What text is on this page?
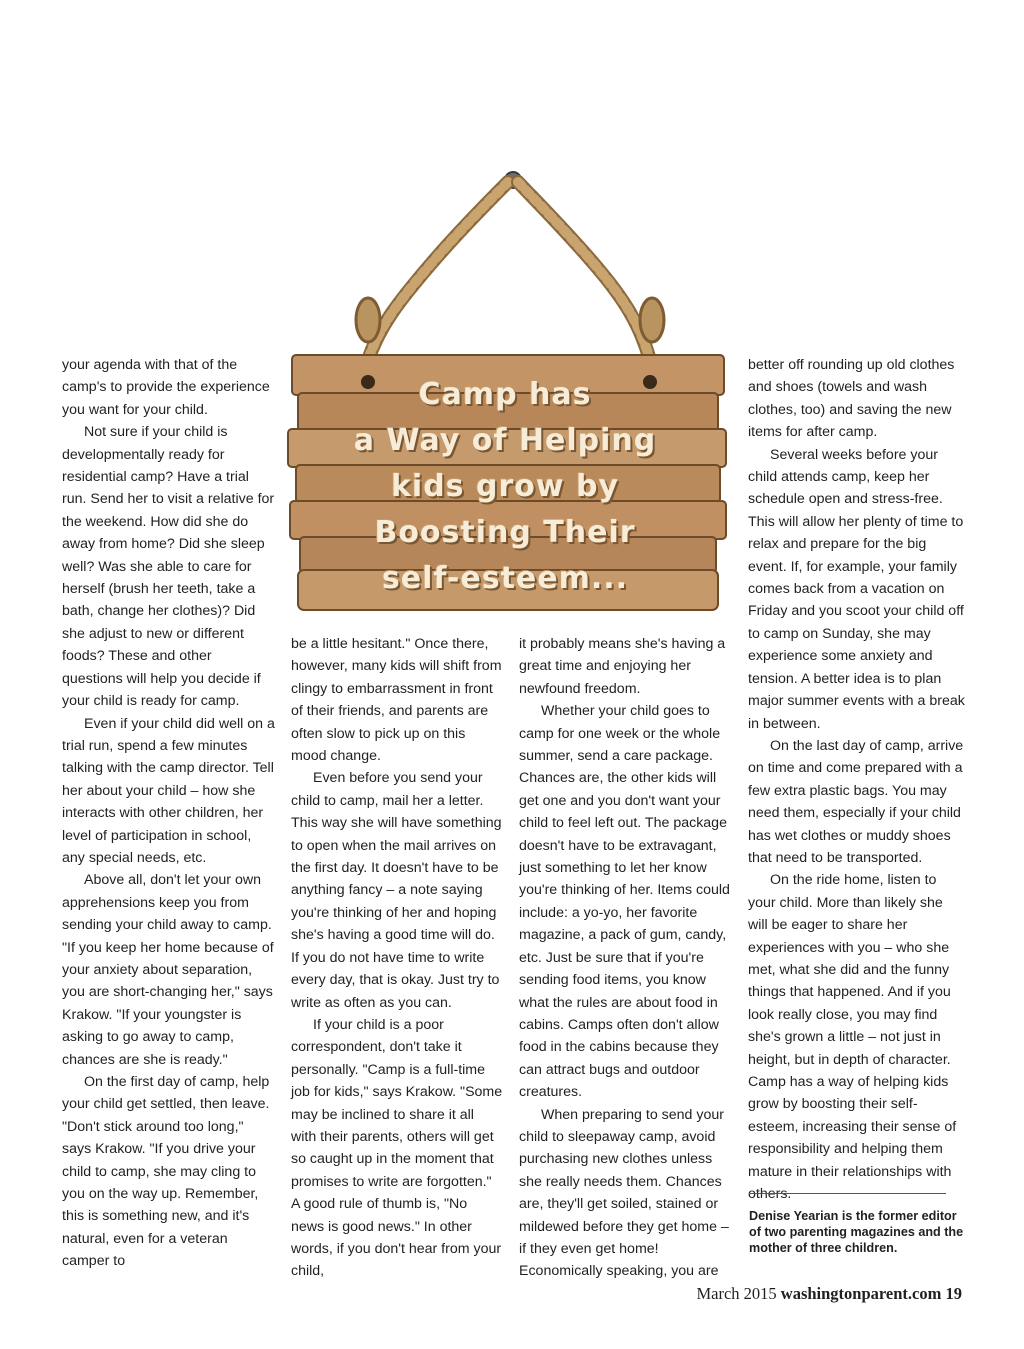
Camp has
a Way of Helping
kids grow by
Boosting Their
self-esteem...

your agenda with that of the camp's to provide the experience you want for your child.

Not sure if your child is developmentally ready for residential camp? Have a trial run. Send her to visit a relative for the weekend. How did she do away from home? Did she sleep well? Was she able to care for herself (brush her teeth, take a bath, change her clothes)? Did she adjust to new or different foods? These and other questions will help you decide if your child is ready for camp.

Even if your child did well on a trial run, spend a few minutes talking with the camp director. Tell her about your child – how she interacts with other children, her level of participation in school, any special needs, etc.

Above all, don't let your own apprehensions keep you from sending your child away to camp. "If you keep her home because of your anxiety about separation, you are short-changing her," says Krakow. "If your youngster is asking to go away to camp, chances are she is ready."

On the first day of camp, help your child get settled, then leave. "Don't stick around too long," says Krakow. "If you drive your child to camp, she may cling to you on the way up. Remember, this is something new, and it's natural, even for a veteran camper to

be a little hesitant." Once there, however, many kids will shift from clingy to embarrassment in front of their friends, and parents are often slow to pick up on this mood change.

Even before you send your child to camp, mail her a letter. This way she will have something to open when the mail arrives on the first day. It doesn't have to be anything fancy – a note saying you're thinking of her and hoping she's having a good time will do. If you do not have time to write every day, that is okay. Just try to write as often as you can.

If your child is a poor correspondent, don't take it personally. "Camp is a full-time job for kids," says Krakow. "Some may be inclined to share it all with their parents, others will get so caught up in the moment that promises to write are forgotten." A good rule of thumb is, "No news is good news." In other words, if you don't hear from your child,

it probably means she's having a great time and enjoying her newfound freedom.

Whether your child goes to camp for one week or the whole summer, send a care package. Chances are, the other kids will get one and you don't want your child to feel left out. The package doesn't have to be extravagant, just something to let her know you're thinking of her. Items could include: a yo-yo, her favorite magazine, a pack of gum, candy, etc. Just be sure that if you're sending food items, you know what the rules are about food in cabins. Camps often don't allow food in the cabins because they can attract bugs and outdoor creatures.

When preparing to send your child to sleepaway camp, avoid purchasing new clothes unless she really needs them. Chances are, they'll get soiled, stained or mildewed before they get home – if they even get home! Economically speaking, you are

better off rounding up old clothes and shoes (towels and wash clothes, too) and saving the new items for after camp.

Several weeks before your child attends camp, keep her schedule open and stress-free. This will allow her plenty of time to relax and prepare for the big event. If, for example, your family comes back from a vacation on Friday and you scoot your child off to camp on Sunday, she may experience some anxiety and tension. A better idea is to plan major summer events with a break in between.

On the last day of camp, arrive on time and come prepared with a few extra plastic bags. You may need them, especially if your child has wet clothes or muddy shoes that need to be transported.

On the ride home, listen to your child. More than likely she will be eager to share her experiences with you – who she met, what she did and the funny things that happened. And if you look really close, you may find she's grown a little – not just in height, but in depth of character. Camp has a way of helping kids grow by boosting their self-esteem, increasing their sense of responsibility and helping them mature in their relationships with others.

Denise Yearian is the former editor of two parenting magazines and the mother of three children.
March 2015 washingtonparent.com 19
